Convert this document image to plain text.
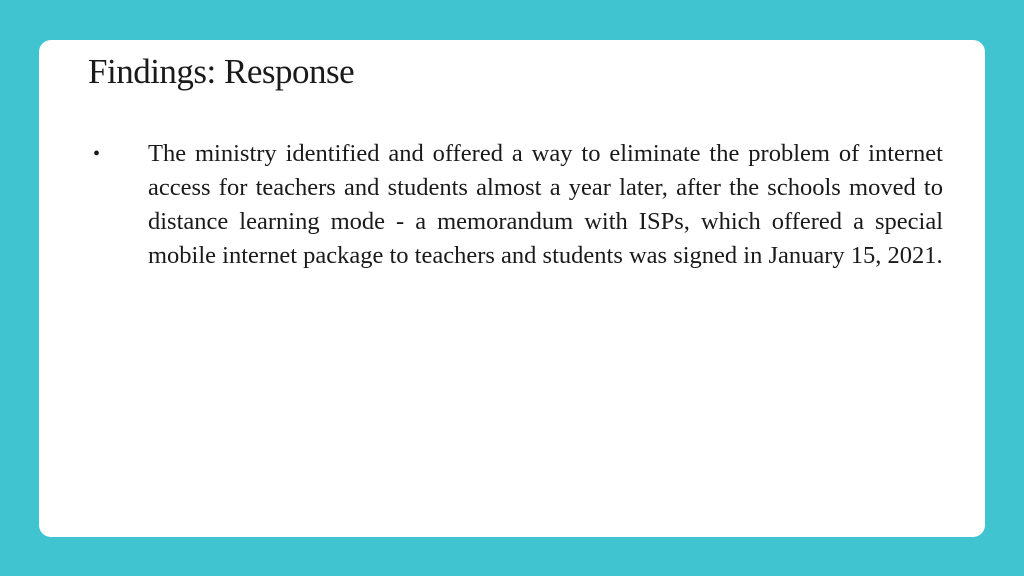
Findings: Response
• The ministry identified and offered a way to eliminate the problem of internet access for teachers and students almost a year later, after the schools moved to distance learning mode - a memorandum with ISPs, which offered a special mobile internet package to teachers and students was signed in January 15, 2021.
